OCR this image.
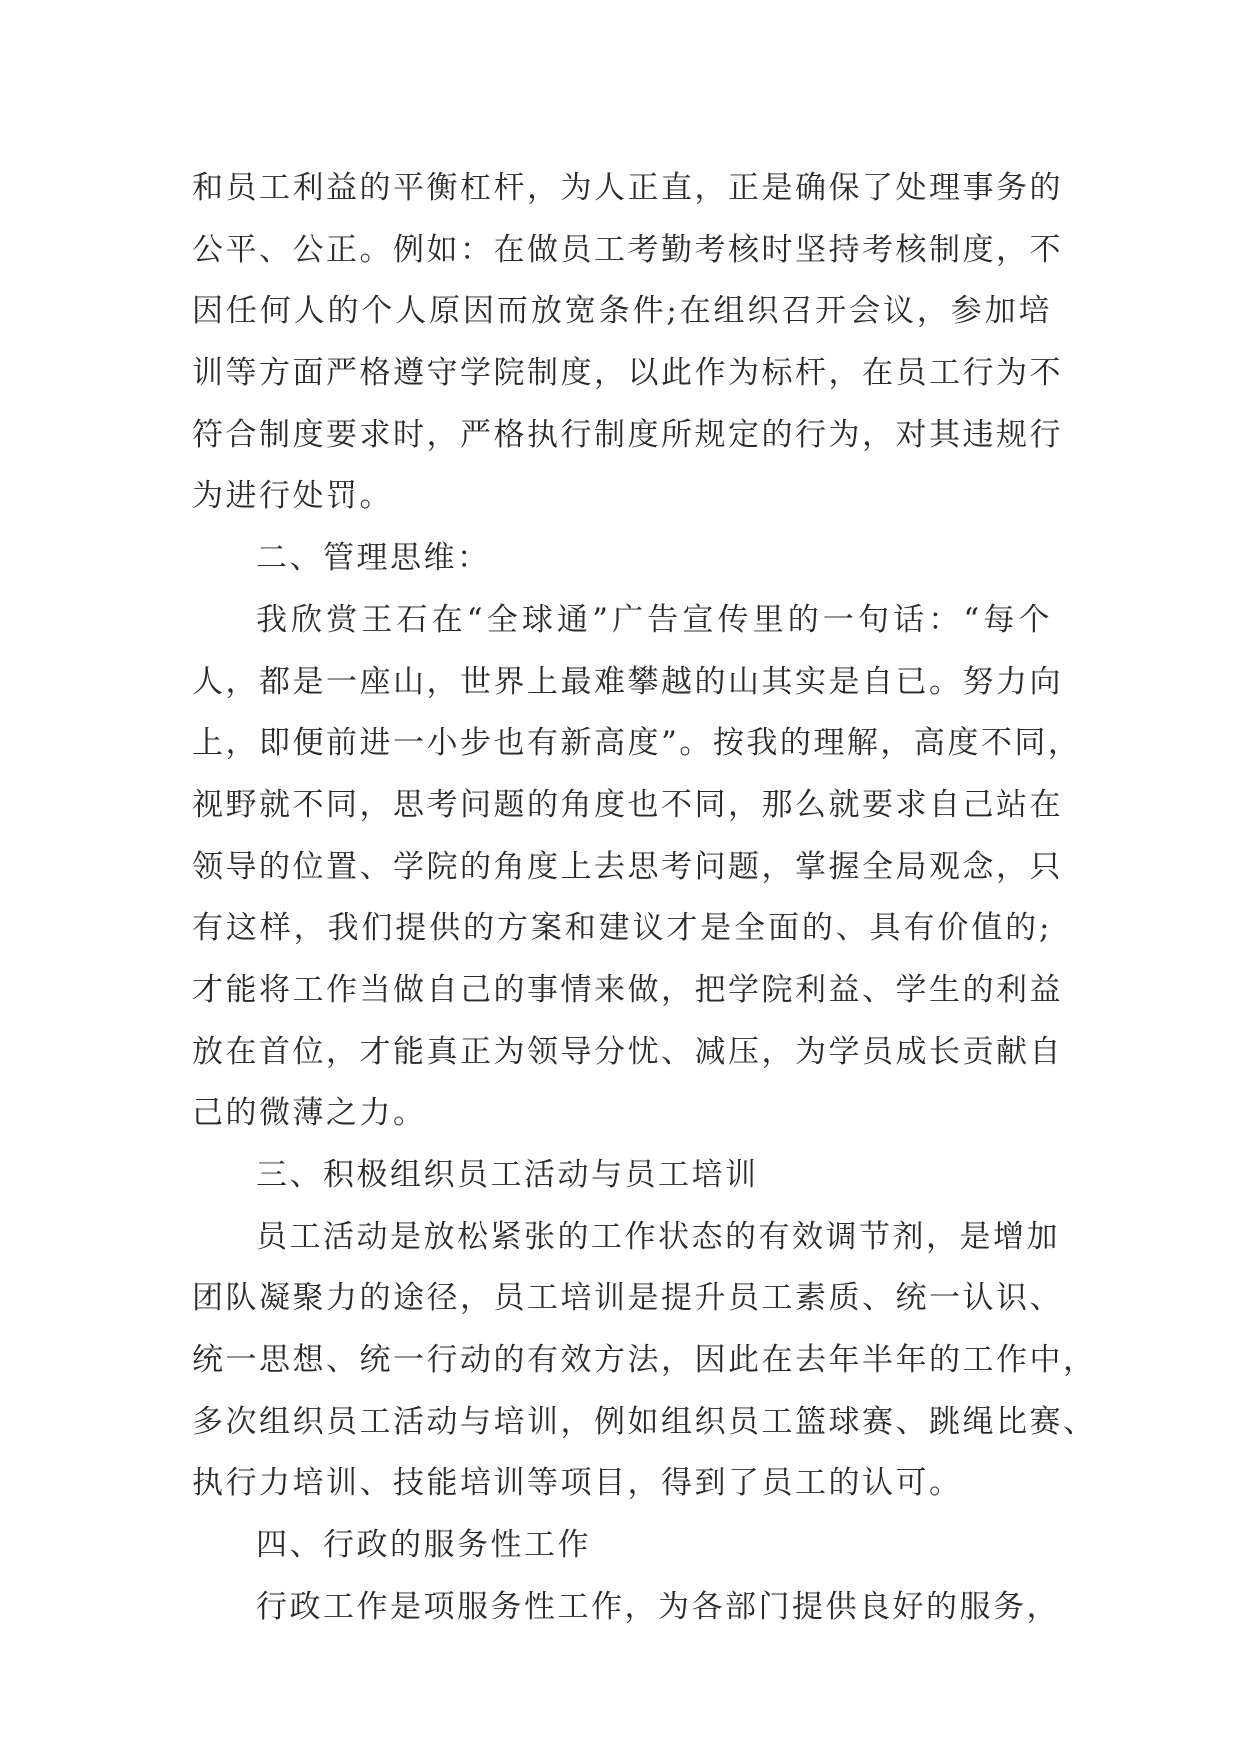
和员工利益的平衡杠杆，为人正直，正是确保了处理事务的
公平、公正。例如：在做员工考勤考核时坚持考核制度，不
因任何人的个人原因而放宽条件;在组织召开会议，参加培
训等方面严格遵守学院制度，以此作为标杆，在员工行为不
符合制度要求时，严格执行制度所规定的行为，对其违规行
为进行处罚。
二、管理思维：
我欣赏王石在“全球通”广告宣传里的一句话：“每个
人，都是一座山，世界上最难攀越的山其实是自已。努力向
上，即便前进一小步也有新高度”。按我的理解，高度不同，
视野就不同，思考问题的角度也不同，那么就要求自己站在
领导的位置、学院的角度上去思考问题，掌握全局观念，只
有这样，我们提供的方案和建议才是全面的、具有价值的;
才能将工作当做自己的事情来做，把学院利益、学生的利益
放在首位，才能真正为领导分忧、减压，为学员成长贡献自
己的微薄之力。
三、积极组织员工活动与员工培训
员工活动是放松紧张的工作状态的有效调节剂，是增加
团队凝聚力的途径，员工培训是提升员工素质、统一认识、
统一思想、统一行动的有效方法，因此在去年半年的工作中，
多次组织员工活动与培训，例如组织员工篮球赛、跳绳比赛、
执行力培训、技能培训等项目，得到了员工的认可。
四、行政的服务性工作
行政工作是项服务性工作，为各部门提供良好的服务，
